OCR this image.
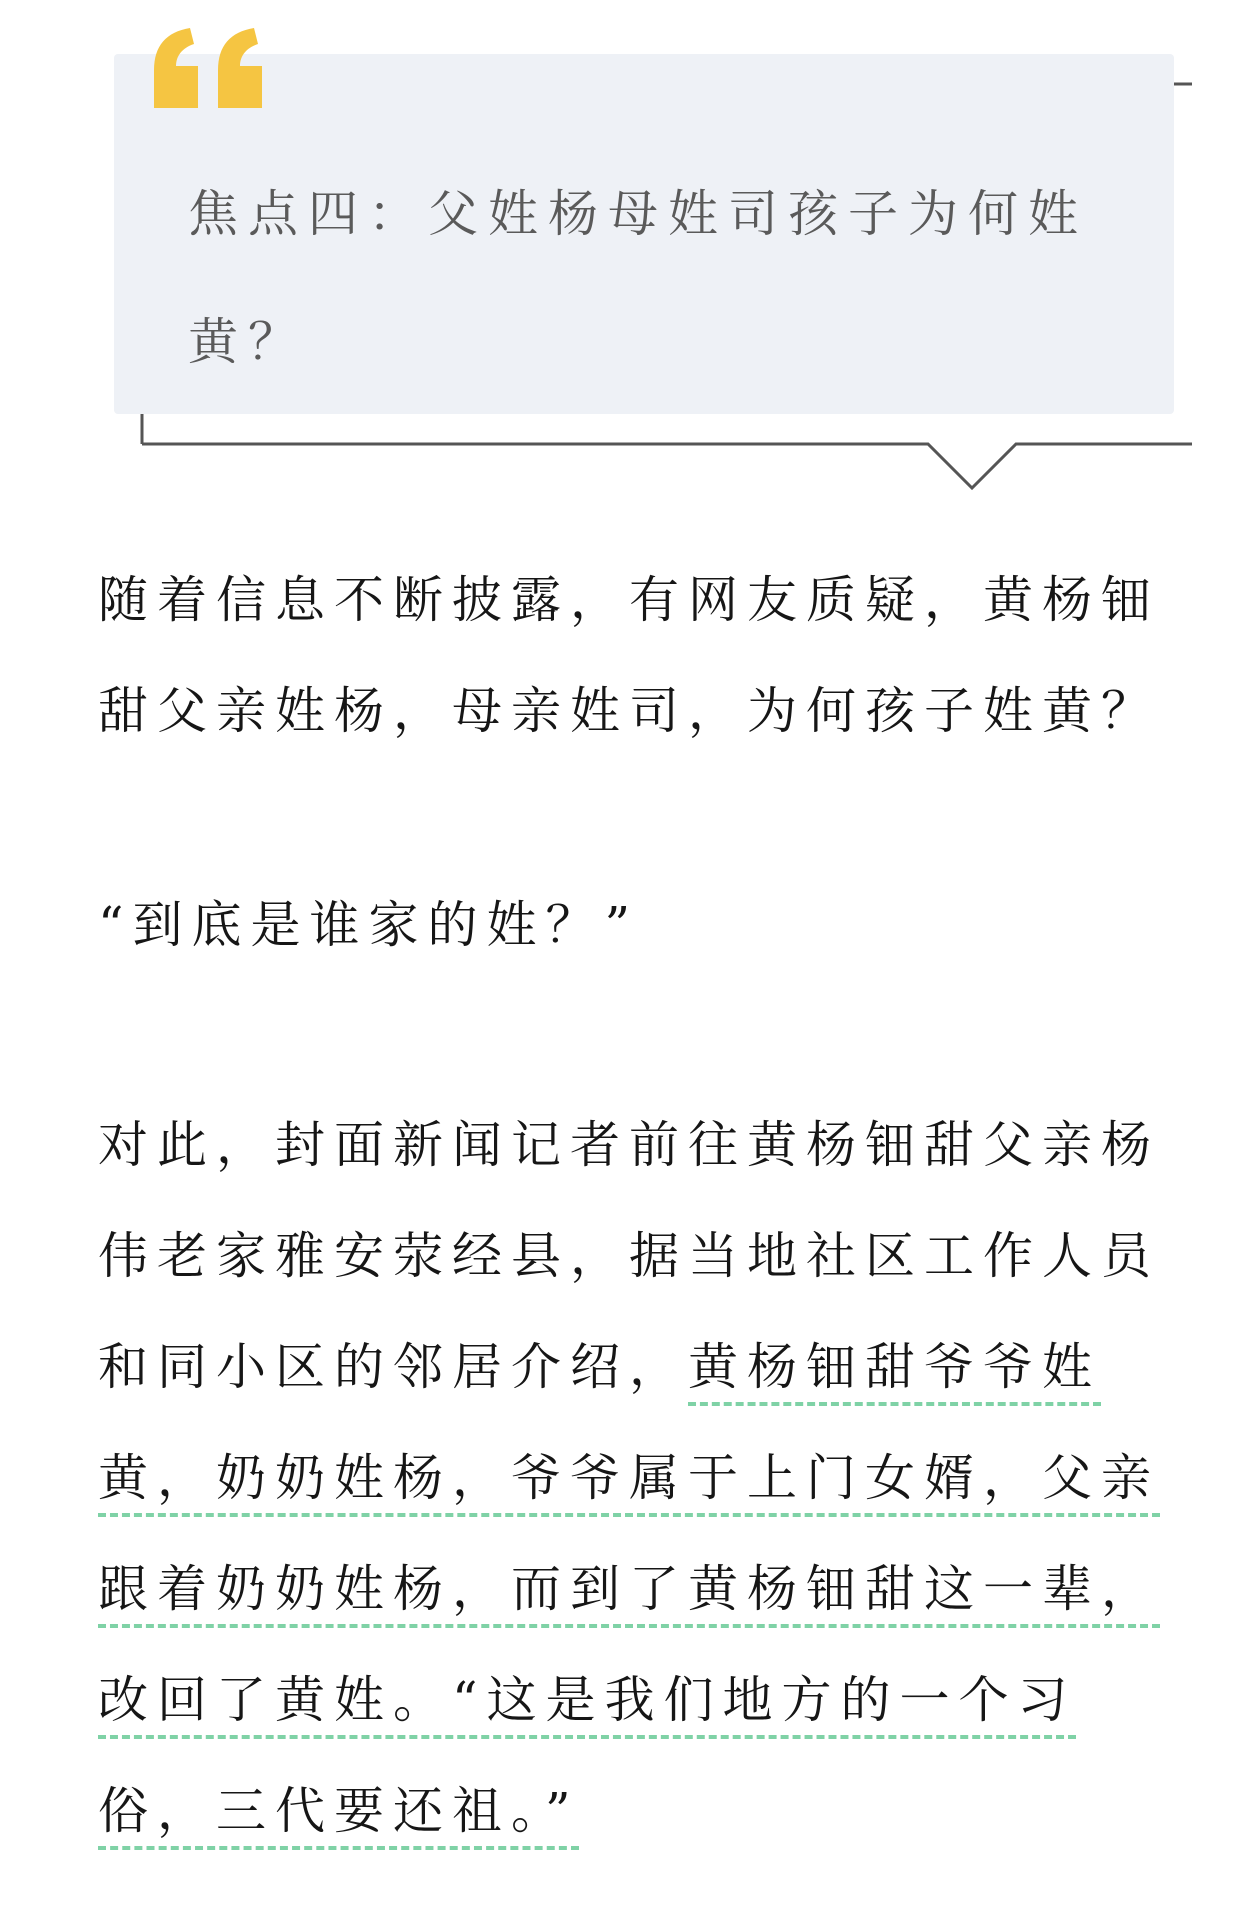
焦点四：父姓杨母姓司孩子为何姓黄？

随着信息不断披露，有网友质疑，黄杨钿甜父亲姓杨，母亲姓司，为何孩子姓黄？

“到底是谁家的姓？”

对此，封面新闻记者前往黄杨钿甜父亲杨伟老家雅安荥经县，据当地社区工作人员和同小区的邻居介绍，黄杨钿甜爷爷姓黄，奶奶姓杨，爷爷属于上门女婿，父亲跟着奶奶姓杨，而到了黄杨钿甜这一辈，改回了黄姓。“这是我们地方的一个习俗，三代要还祖。”
